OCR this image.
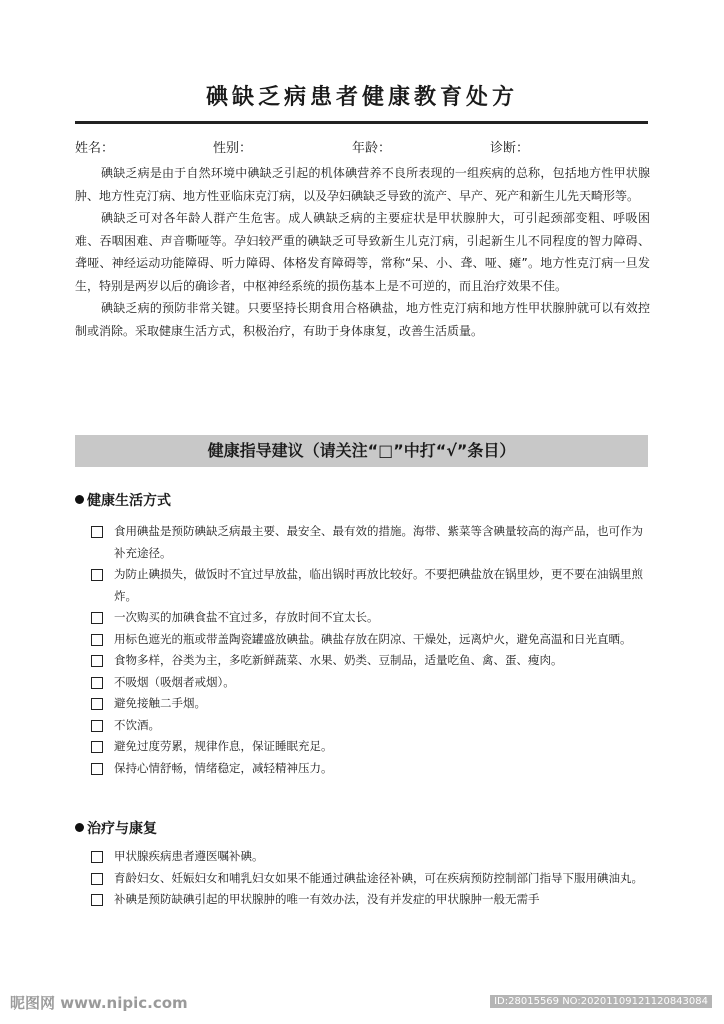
碘缺乏病患者健康教育处方
姓名：	性别：	年龄：	诊断：

碘缺乏病是由于自然环境中碘缺乏引起的机体碘营养不良所表现的一组疾病的总称，包括地方性甲状腺肿、地方性克汀病、地方性亚临床克汀病，以及孕妇碘缺乏导致的流产、早产、死产和新生儿先天畸形等。

碘缺乏可对各年龄人群产生危害。成人碘缺乏病的主要症状是甲状腺肿大，可引起颈部变粗、呼吸困难、吞咽困难、声音嘶哑等。孕妇较严重的碘缺乏可导致新生儿克汀病，引起新生儿不同程度的智力障碍、聋哑、神经运动功能障碍、听力障碍、体格发育障碍等，常称“呆、小、聋、哑、瘫”。地方性克汀病一旦发生，特别是两岁以后的确诊者，中枢神经系统的损伤基本上是不可逆的，而且治疗效果不佳。

碘缺乏病的预防非常关键。只要坚持长期食用合格碘盐，地方性克汀病和地方性甲状腺肿就可以有效控制或消除。采取健康生活方式，积极治疗，有助于身体康复，改善生活质量。

健康指导建议（请关注“□”中打“√”条目）
健康生活方式
食用碘盐是预防碘缺乏病最主要、最安全、最有效的措施。海带、紫菜等含碘量较高的海产品，也可作为补充途径。
为防止碘损失，做饭时不宜过早放盐，临出锅时再放比较好。不要把碘盐放在锅里炒，更不要在油锅里煎炸。
一次购买的加碘食盐不宜过多，存放时间不宜太长。
用标色遮光的瓶或带盖陶瓷罐盛放碘盐。碘盐存放在阴凉、干燥处，远离炉火，避免高温和日光直晒。
食物多样，谷类为主，多吃新鲜蔬菜、水果、奶类、豆制品，适量吃鱼、禽、蛋、瘦肉。
不吸烟（吸烟者戒烟）。
避免接触二手烟。
不饮酒。
避免过度劳累，规律作息，保证睡眠充足。
保持心情舒畅，情绪稳定，减轻精神压力。
治疗与康复
甲状腺疾病患者遵医嘱补碘。
育龄妇女、妊娠妇女和哺乳妇女如果不能通过碘盐途径补碘，可在疾病预防控制部门指导下服用碘油丸。
补碘是预防缺碘引起的甲状腺肿的唯一有效办法，没有并发症的甲状腺肿一般无需手
昵图网 www.nipic.com	ID:28015569 NO:20201109121120843084
